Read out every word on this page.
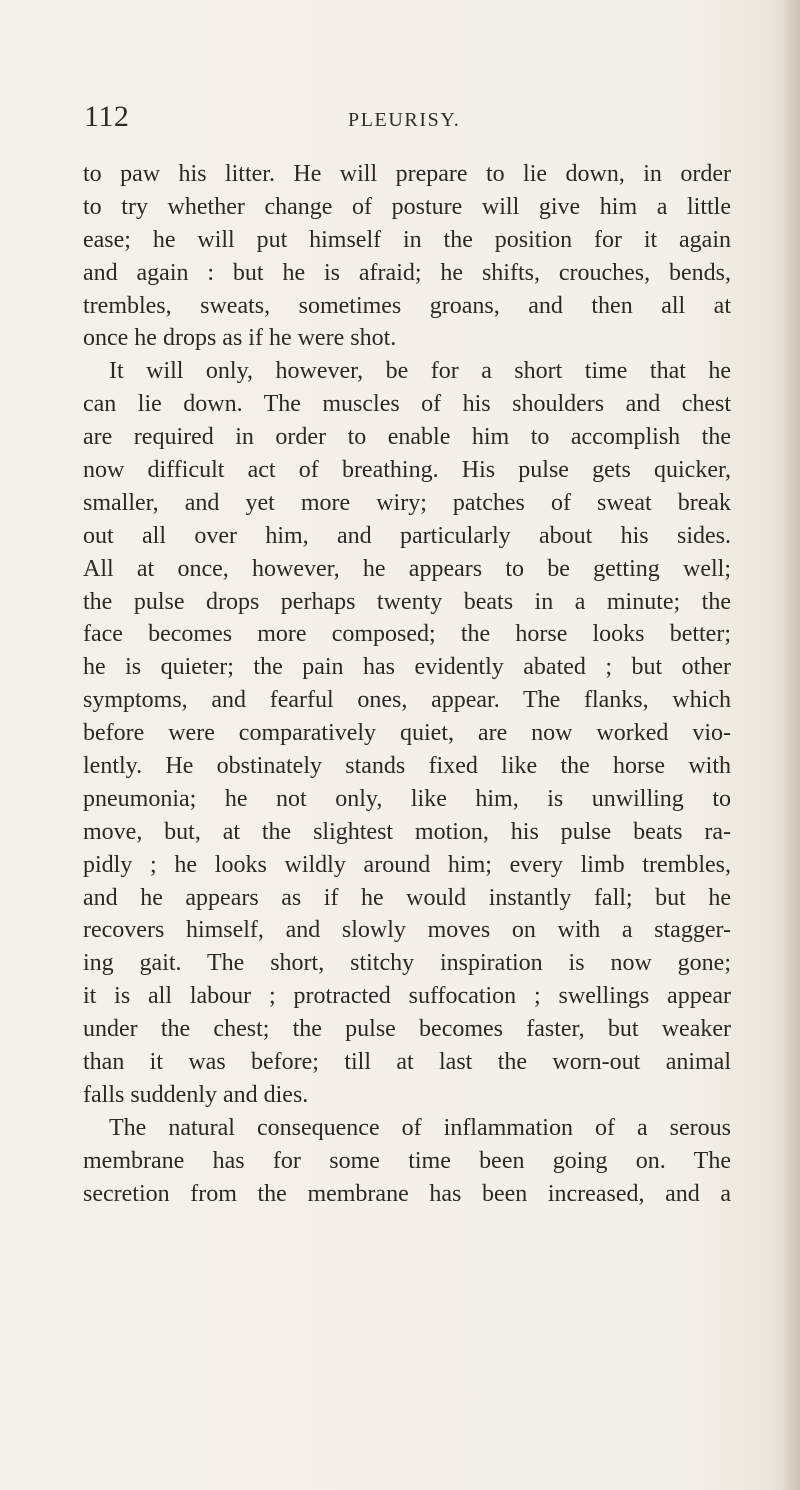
112	PLEURISY.
to paw his litter. He will prepare to lie down, in order
to try whether change of posture will give him a little
ease; he will put himself in the position for it again
and again : but he is afraid; he shifts, crouches, bends,
trembles, sweats, sometimes groans, and then all at
once he drops as if he were shot.
It will only, however, be for a short time that he
can lie down. The muscles of his shoulders and chest
are required in order to enable him to accomplish the
now difficult act of breathing. His pulse gets quicker,
smaller, and yet more wiry; patches of sweat break
out all over him, and particularly about his sides.
All at once, however, he appears to be getting well;
the pulse drops perhaps twenty beats in a minute; the
face becomes more composed; the horse looks better;
he is quieter; the pain has evidently abated ; but other
symptoms, and fearful ones, appear. The flanks, which
before were comparatively quiet, are now worked vio-
lently. He obstinately stands fixed like the horse with
pneumonia; he not only, like him, is unwilling to
move, but, at the slightest motion, his pulse beats ra-
pidly ; he looks wildly around him; every limb trembles,
and he appears as if he would instantly fall; but he
recovers himself, and slowly moves on with a stagger-
ing gait. The short, stitchy inspiration is now gone;
it is all labour ; protracted suffocation ; swellings appear
under the chest; the pulse becomes faster, but weaker
than it was before; till at last the worn-out animal
falls suddenly and dies.
The natural consequence of inflammation of a serous
membrane has for some time been going on. The
secretion from the membrane has been increased, and a
